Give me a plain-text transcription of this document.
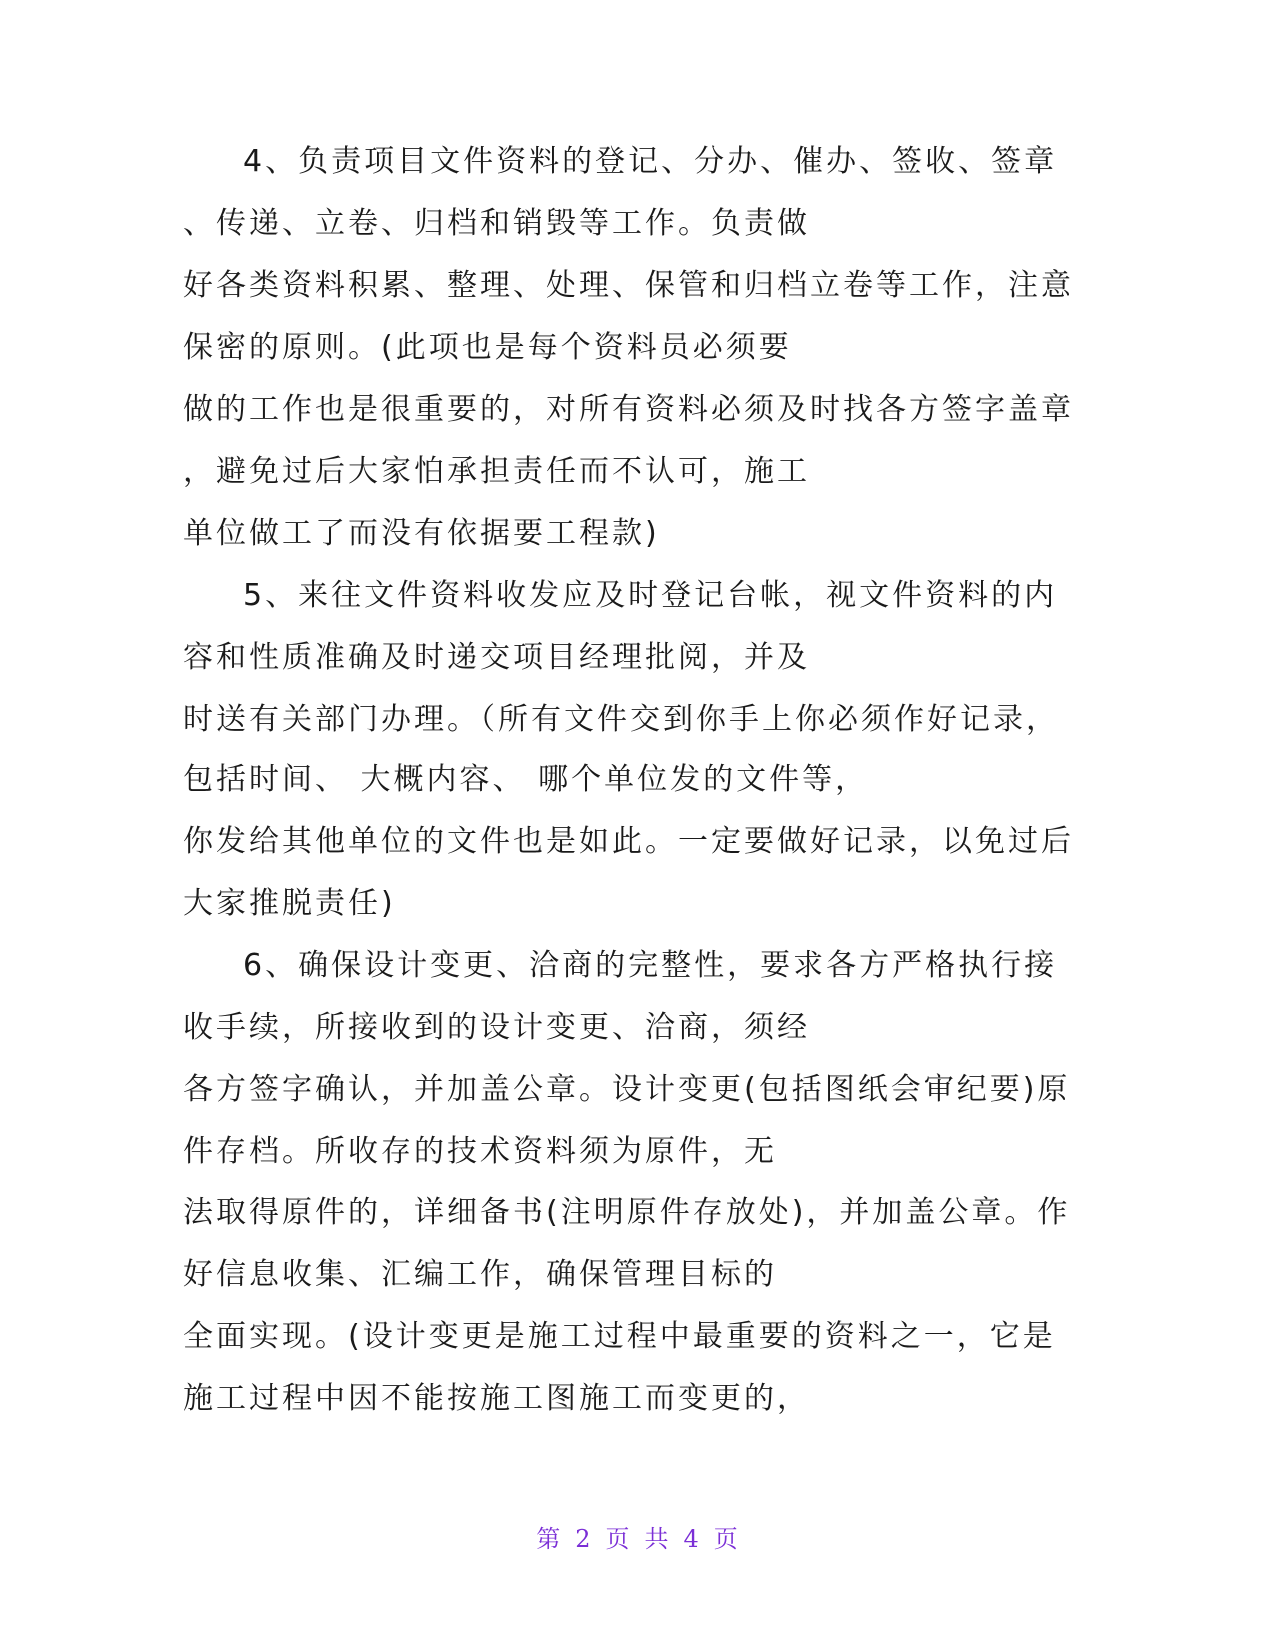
4、负责项目文件资料的登记、分办、催办、签收、签章
、传递、立卷、归档和销毁等工作。负责做
好各类资料积累、整理、处理、保管和归档立卷等工作，注意
保密的原则。(此项也是每个资料员必须要
做的工作也是很重要的，对所有资料必须及时找各方签字盖章
，避免过后大家怕承担责任而不认可，施工
单位做工了而没有依据要工程款)
5、来往文件资料收发应及时登记台帐，视文件资料的内
容和性质准确及时递交项目经理批阅，并及
时送有关部门办理。（所有文件交到你手上你必须作好记录，
包括时间、 大概内容、 哪个单位发的文件等，
你发给其他单位的文件也是如此。一定要做好记录，以免过后
大家推脱责任)
6、确保设计变更、洽商的完整性，要求各方严格执行接
收手续，所接收到的设计变更、洽商，须经
各方签字确认，并加盖公章。设计变更(包括图纸会审纪要)原
件存档。所收存的技术资料须为原件，无
法取得原件的，详细备书(注明原件存放处)，并加盖公章。作
好信息收集、汇编工作，确保管理目标的
全面实现。(设计变更是施工过程中最重要的资料之一，它是
施工过程中因不能按施工图施工而变更的，
第 2 页 共 4 页
